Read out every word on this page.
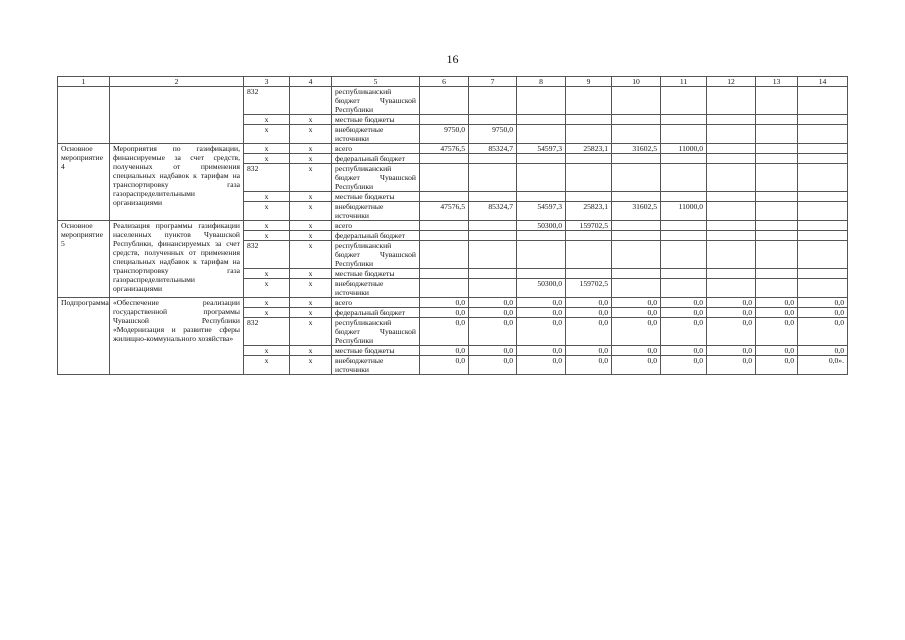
16
1	2	3	4	5	6	7	8	9	10	11	12	13	14
		832		республиканский бюджет Чувашской Республики									
		х	х	местные бюджеты									
		х	х	внебюджетные источники	9750,0	9750,0							
Основное мероприятие 4	Мероприятия по газификации, финансируемые за счет средств, полученных от применения специальных надбавок к тарифам на транспортировку газа газораспределительными организациями	х	х	всего	47576,5	85324,7	54597,3	25823,1	31602,5	11000,0			
		х	х	федеральный бюджет									
		832	х	республиканский бюджет Чувашской Республики									
		х	х	местные бюджеты									
		х	х	внебюджетные источники	47576,5	85324,7	54597,3	25823,1	31602,5	11000,0			
Основное мероприятие 5	Реализация программы газификации населенных пунктов Чувашской Республики, финансируемых за счет средств, полученных от применения специальных надбавок к тарифам на транспортировку газа газораспределительными организациями	х	х	всего			50300,0	159702,5					
		х	х	федеральный бюджет									
		832	х	республиканский бюджет Чувашской Республики									
		х	х	местные бюджеты									
		х	х	внебюджетные источники			50300,0	159702,5					
Подпрограмма	«Обеспечение реализации государственной программы Чувашской Республики «Модернизация и развитие сферы жилищно-коммунального хозяйства»	х	х	всего	0,0	0,0	0,0	0,0	0,0	0,0	0,0	0,0	0,0
		х	х	федеральный бюджет	0,0	0,0	0,0	0,0	0,0	0,0	0,0	0,0	0,0
		832	х	республиканский бюджет Чувашской Республики	0,0	0,0	0,0	0,0	0,0	0,0	0,0	0,0	0,0
		х	х	местные бюджеты	0,0	0,0	0,0	0,0	0,0	0,0	0,0	0,0	0,0
		х	х	внебюджетные источники	0,0	0,0	0,0	0,0	0,0	0,0	0,0	0,0	0,0».
